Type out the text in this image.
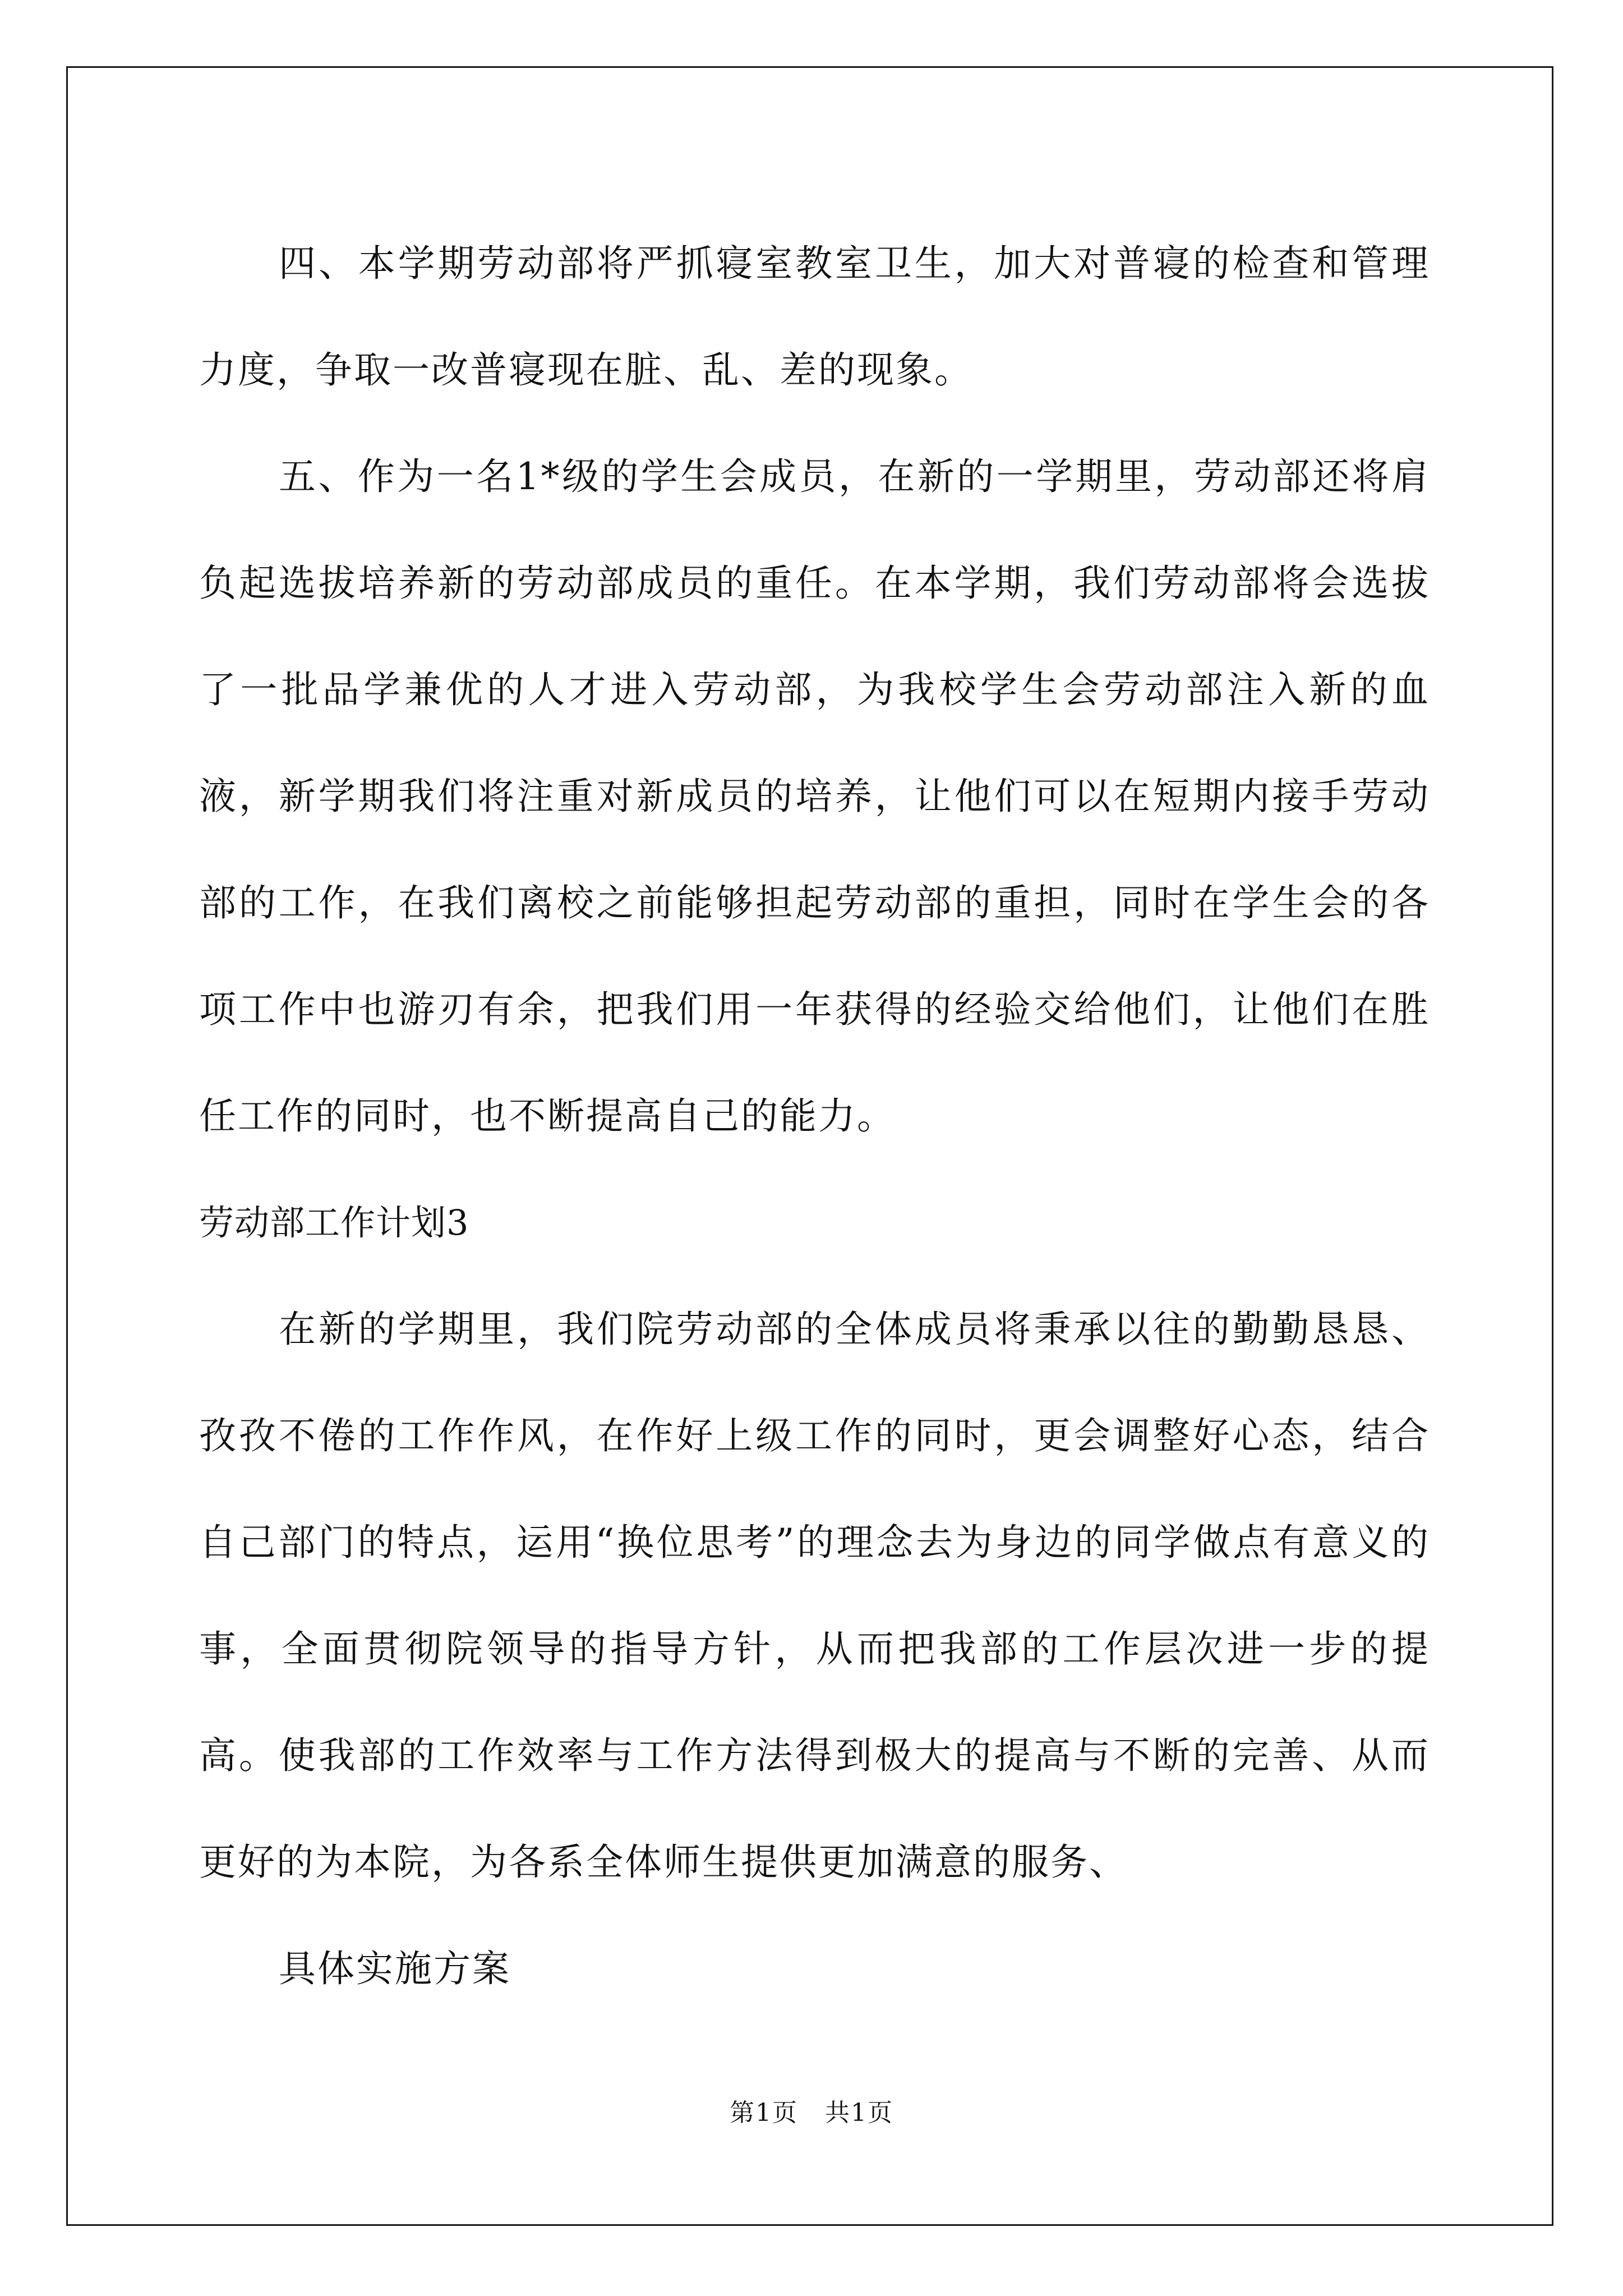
四、本学期劳动部将严抓寝室教室卫生，加大对普寝的检查和管理力度，争取一改普寝现在脏、乱、差的现象。

五、作为一名1*级的学生会成员，在新的一学期里，劳动部还将肩负起选拔培养新的劳动部成员的重任。在本学期，我们劳动部将会选拔了一批品学兼优的人才进入劳动部，为我校学生会劳动部注入新的血液，新学期我们将注重对新成员的培养，让他们可以在短期内接手劳动部的工作，在我们离校之前能够担起劳动部的重担，同时在学生会的各项工作中也游刃有余，把我们用一年获得的经验交给他们，让他们在胜任工作的同时，也不断提高自己的能力。

劳动部工作计划3

在新的学期里，我们院劳动部的全体成员将秉承以往的勤勤恳恳、孜孜不倦的工作作风，在作好上级工作的同时，更会调整好心态，结合自己部门的特点，运用“换位思考”的理念去为身边的同学做点有意义的事，全面贯彻院领导的指导方针，从而把我部的工作层次进一步的提高。使我部的工作效率与工作方法得到极大的提高与不断的完善、从而更好的为本院，为各系全体师生提供更加满意的服务、

具体实施方案

第1页 共1页
